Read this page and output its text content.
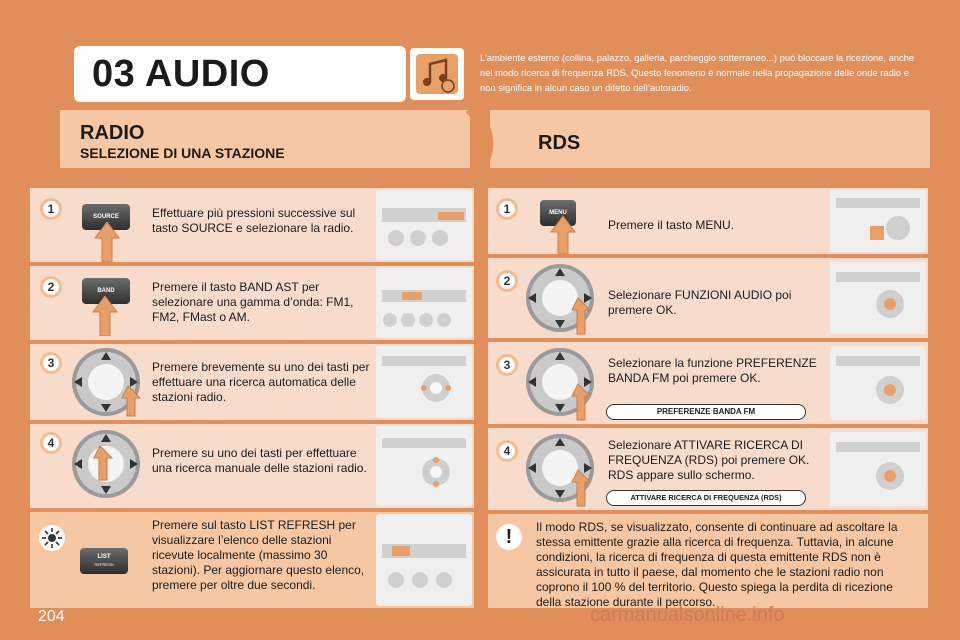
03 AUDIO	L’ambiente esterno (collina, palazzo, galleria, parcheggio sotterraneo...) può bloccare la ricezione, anche nel modo ricerca di frequenza RDS. Questo fenomeno è normale nella propagazione delle onde radio e non significa in alcun caso un difetto dell’autoradio.
RADIO
SELEZIONE DI UNA STAZIONE	RDS
1
SOURCE	Effettuare più pressioni successive sul tasto SOURCE e selezionare la radio.
2	BAND	Premere il tasto BAND AST per selezionare una gamma d’onda: FM1, FM2, FMast o AM.
3	Premere brevemente su uno dei tasti per effettuare una ricerca automatica delle stazioni radio.
4
Premere su uno dei tasti per effettuare una ricerca manuale delle stazioni radio.
LIST
REFRESH
Premere sul tasto LIST REFRESH per visualizzare l’elenco delle stazioni ricevute localmente (massimo 30 stazioni). Per aggiornare questo elenco, premere per oltre due secondi.
1	MENU
Premere il tasto MENU.
2
Selezionare FUNZIONI AUDIO poi premere OK.
3	Selezionare la funzione PREFERENZE BANDA FM poi premere OK.
PREFERENZE BANDA FM
4	Selezionare ATTIVARE RICERCA DI FREQUENZA (RDS) poi premere OK. RDS appare sullo schermo.
ATTIVARE RICERCA DI FREQUENZA (RDS)
!	Il modo RDS, se visualizzato, consente di continuare ad ascoltare la stessa emittente grazie alla ricerca di frequenza. Tuttavia, in alcune condizioni, la ricerca di frequenza di questa emittente RDS non è assicurata in tutto il paese, dal momento che le stazioni radio non coprono il 100 % del territorio. Questo spiega la perdita di ricezione della stazione durante il percorso.
204	carmanualsonline.info
